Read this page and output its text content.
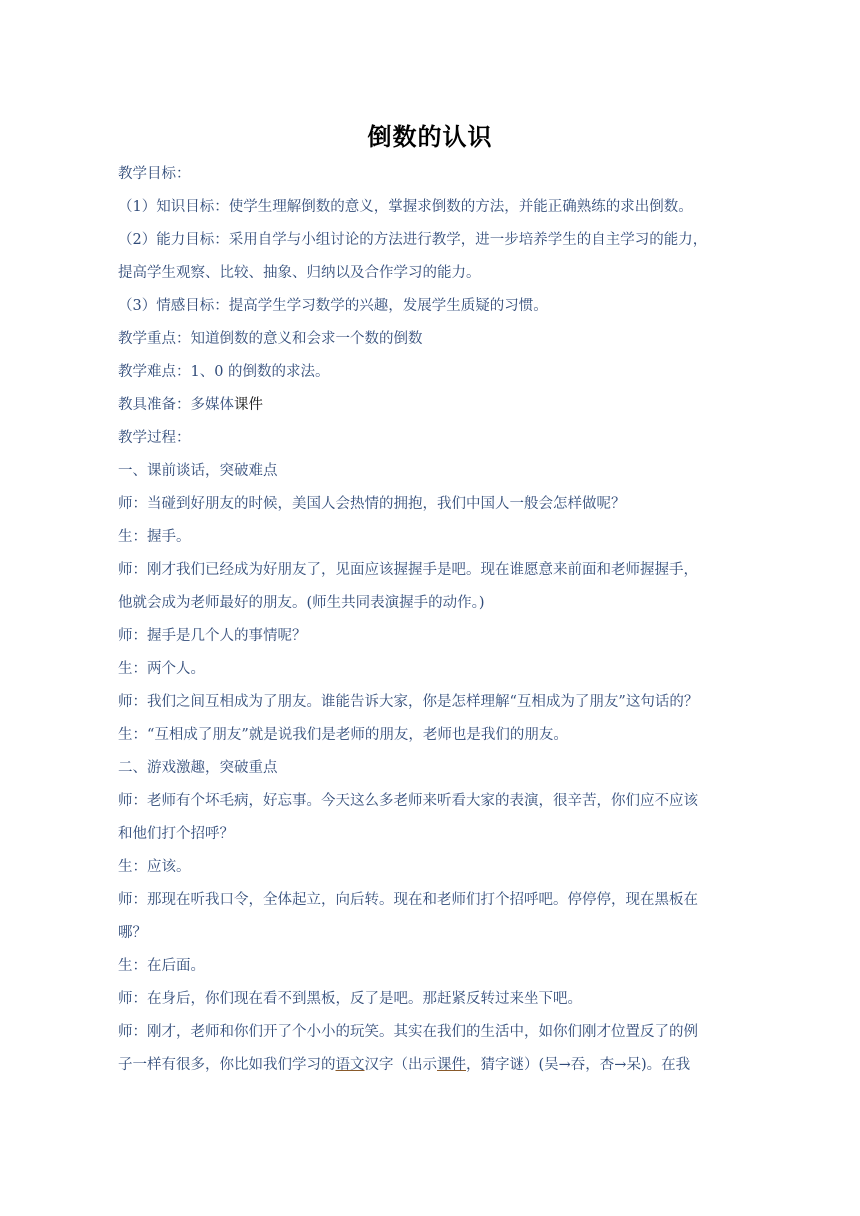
倒数的认识
教学目标：
（1）知识目标：使学生理解倒数的意义，掌握求倒数的方法，并能正确熟练的求出倒数。
（2）能力目标：采用自学与小组讨论的方法进行教学，进一步培养学生的自主学习的能力，
提高学生观察、比较、抽象、归纳以及合作学习的能力。
（3）情感目标：提高学生学习数学的兴趣，发展学生质疑的习惯。
教学重点：知道倒数的意义和会求一个数的倒数
教学难点：1、0 的倒数的求法。
教具准备：多媒体课件
教学过程：
一、课前谈话，突破难点
师：当碰到好朋友的时候，美国人会热情的拥抱，我们中国人一般会怎样做呢？
生：握手。
师：刚才我们已经成为好朋友了，见面应该握握手是吧。现在谁愿意来前面和老师握握手，
他就会成为老师最好的朋友。(师生共同表演握手的动作。)
师：握手是几个人的事情呢？
生：两个人。
师：我们之间互相成为了朋友。谁能告诉大家，你是怎样理解“互相成为了朋友”这句话的？
生：“互相成了朋友”就是说我们是老师的朋友，老师也是我们的朋友。
二、游戏激趣，突破重点
师：老师有个坏毛病，好忘事。今天这么多老师来听看大家的表演，很辛苦，你们应不应该
和他们打个招呼？
生：应该。
师：那现在听我口令，全体起立，向后转。现在和老师们打个招呼吧。停停停，现在黑板在
哪？
生：在后面。
师：在身后，你们现在看不到黑板，反了是吧。那赶紧反转过来坐下吧。
师：刚才，老师和你们开了个小小的玩笑。其实在我们的生活中，如你们刚才位置反了的例
子一样有很多，你比如我们学习的语文汉字（出示课件，猜字谜）(吴→吞，杏→呆)。在我
